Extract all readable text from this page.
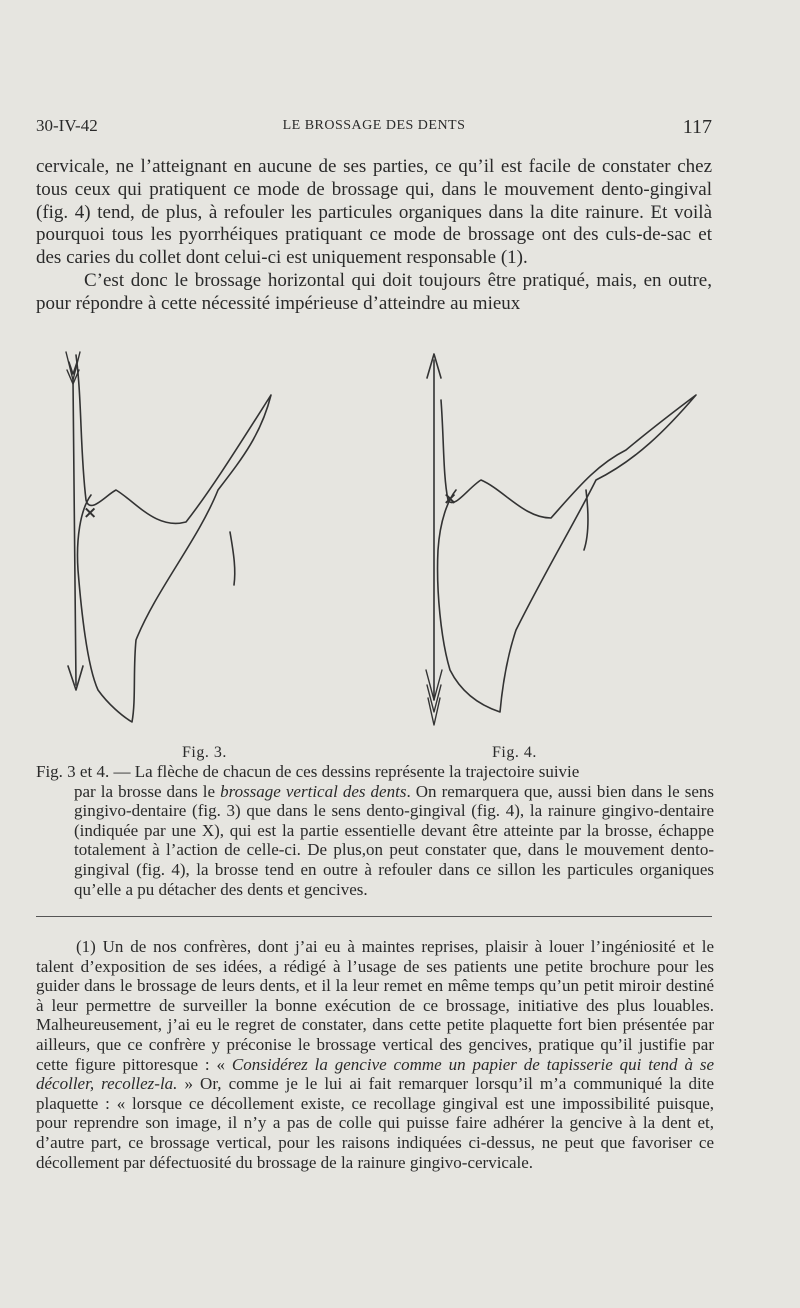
30-IV-42	LE BROSSAGE DES DENTS	117

cervicale, ne l’atteignant en aucune de ses parties, ce qu’il est facile de constater chez tous ceux qui pratiquent ce mode de brossage qui, dans le mouvement dento-gingival (fig. 4) tend, de plus, à refouler les particules organiques dans la dite rainure. Et voilà pourquoi tous les pyorrhéiques pratiquant ce mode de brossage ont des culs-de-sac et des caries du collet dont celui-ci est uniquement responsable (1).

C’est donc le brossage horizontal qui doit toujours être pratiqué, mais, en outre, pour répondre à cette nécessité impérieuse d’atteindre au mieux

×
×
Fig. 3.	Fig. 4.
Fig. 3 et 4. — La flèche de chacun de ces dessins représente la trajectoire suivie
par la brosse dans le brossage vertical des dents. On remarquera que, aussi bien dans le sens gingivo-dentaire (fig. 3) que dans le sens dento-gingival (fig. 4), la rainure gingivo-dentaire (indiquée par une X), qui est la partie essentielle devant être atteinte par la brosse, échappe totalement à l’action de celle-ci. De plus,on peut constater que, dans le mouvement dento-gingival (fig. 4), la brosse tend en outre à refouler dans ce sillon les particules organiques qu’elle a pu détacher des dents et gencives.
(1) Un de nos confrères, dont j’ai eu à maintes reprises, plaisir à louer l’ingéniosité et le talent d’exposition de ses idées, a rédigé à l’usage de ses patients une petite brochure pour les guider dans le brossage de leurs dents, et il la leur remet en même temps qu’un petit miroir destiné à leur permettre de surveiller la bonne exécution de ce brossage, initiative des plus louables. Malheureusement, j’ai eu le regret de constater, dans cette petite plaquette fort bien présentée par ailleurs, que ce confrère y préconise le brossage vertical des gencives, pratique qu’il justifie par cette figure pittoresque : « Considérez la gencive comme un papier de tapisserie qui tend à se décoller, recollez-la. » Or, comme je le lui ai fait remarquer lorsqu’il m’a communiqué la dite plaquette : « lorsque ce décollement existe, ce recollage gingival est une impossibilité puisque, pour reprendre son image, il n’y a pas de colle qui puisse faire adhérer la gencive à la dent et, d’autre part, ce brossage vertical, pour les raisons indiquées ci-dessus, ne peut que favoriser ce décollement par défectuosité du brossage de la rainure gingivo-cervicale.
